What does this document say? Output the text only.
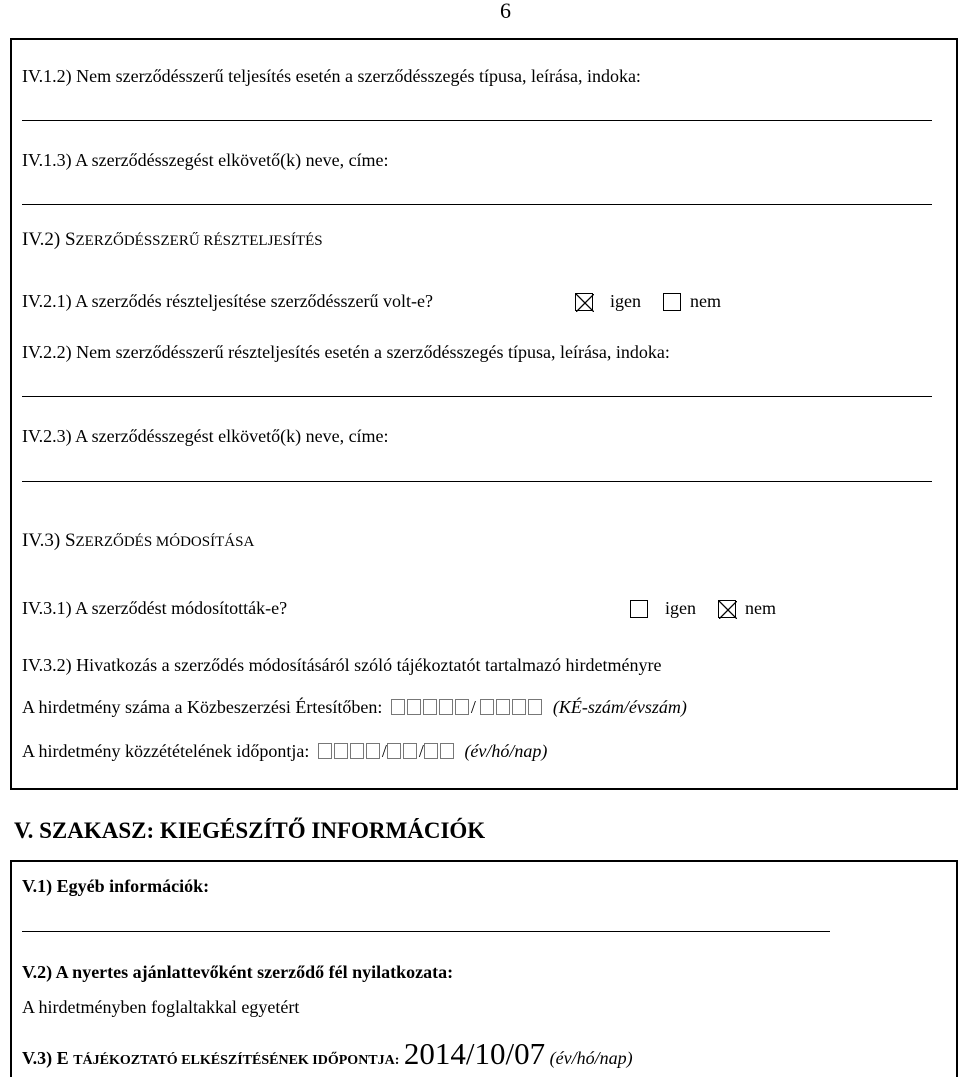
6
IV.1.2) Nem szerződésszerű teljesítés esetén a szerződésszegés típusa, leírása, indoka:
IV.1.3) A szerződésszegést elkövető(k) neve, címe:
IV.2) SZERZŐDÉSSZERŰ RÉSZTELJESÍTÉS
IV.2.1) A szerződés részteljesítése szerződésszerű volt-e?	igen	nem
IV.2.2) Nem szerződésszerű részteljesítés esetén a szerződésszegés típusa, leírása, indoka:
IV.2.3) A szerződésszegést elkövető(k) neve, címe:
IV.3) SZERZŐDÉS MÓDOSÍTÁSA
IV.3.1) A szerződést módosították-e?	igen	nem
IV.3.2) Hivatkozás a szerződés módosításáról szóló tájékoztatót tartalmazó hirdetményre
A hirdetmény száma a Közbeszerzési Értesítőben:	/	(KÉ-szám/évszám)
A hirdetmény közzétételének időpontja:	/ / (év/hó/nap)
V. SZAKASZ: KIEGÉSZÍTŐ INFORMÁCIÓK
V.1) Egyéb információk:
V.2) A nyertes ajánlattevőként szerződő fél nyilatkozata:
A hirdetményben foglaltakkal egyetért
V.3) E TÁJÉKOZTATÓ ELKÉSZÍTÉSÉNEK IDŐPONTJA: 2014/10/07 (év/hó/nap)
